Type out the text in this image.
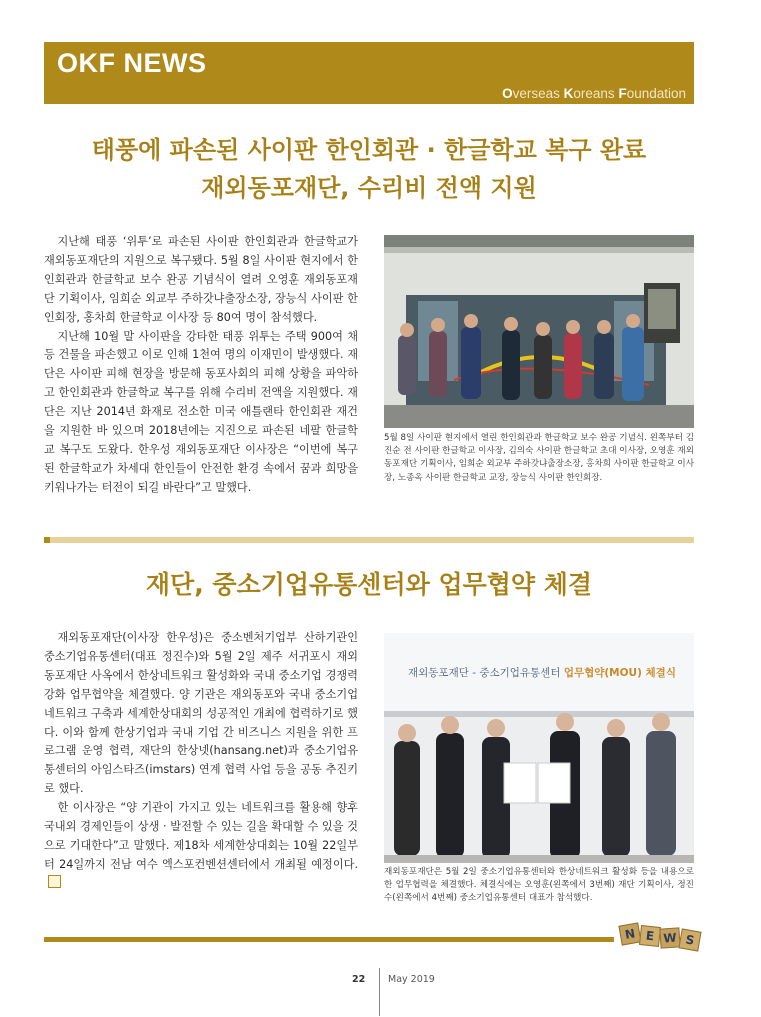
OKF NEWS
Overseas Koreans Foundation
태풍에 파손된 사이판 한인회관 · 한글학교 복구 완료
재외동포재단, 수리비 전액 지원

지난해 태풍 ‘위투’로 파손된 사이판 한인회관과 한글학교가 재외동포재단의 지원으로 복구됐다. 5월 8일 사이판 현지에서 한인회관과 한글학교 보수 완공 기념식이 열려 오영훈 재외동포재단 기획이사, 임희순 외교부 주하갓냐출장소장, 장능식 사이판 한인회장, 홍차희 한글학교 이사장 등 80여 명이 참석했다.

지난해 10월 말 사이판을 강타한 태풍 위투는 주택 900여 채 등 건물을 파손했고 이로 인해 1천여 명의 이재민이 발생했다. 재단은 사이판 피해 현장을 방문해 동포사회의 피해 상황을 파악하고 한인회관과 한글학교 복구를 위해 수리비 전액을 지원했다. 재단은 지난 2014년 화재로 전소한 미국 애틀랜타 한인회관 재건을 지원한 바 있으며 2018년에는 지진으로 파손된 네팔 한글학교 복구도 도왔다. 한우성 재외동포재단 이사장은 “이번에 복구된 한글학교가 차세대 한인들이 안전한 환경 속에서 꿈과 희망을 키워나가는 터전이 되길 바란다”고 말했다.

5월 8일 사이판 현지에서 열린 한인회관과 한글학교 보수 완공 기념식. 왼쪽부터 김진순 전 사이판 한글학교 이사장, 김의숙 사이판 한글학교 초대 이사장, 오영훈 재외동포재단 기획이사, 임희순 외교부 주하갓냐출장소장, 홍차희 사이판 한글학교 이사장, 노종옥 사이판 한글학교 교장, 장능식 사이판 한인회장.
재단, 중소기업유통센터와 업무협약 체결

재외동포재단(이사장 한우성)은 중소벤처기업부 산하기관인 중소기업유통센터(대표 정진수)와 5월 2일 제주 서귀포시 재외동포재단 사옥에서 한상네트워크 활성화와 국내 중소기업 경쟁력 강화 업무협약을 체결했다. 양 기관은 재외동포와 국내 중소기업 네트워크 구축과 세계한상대회의 성공적인 개최에 협력하기로 했다. 이와 함께 한상기업과 국내 기업 간 비즈니스 지원을 위한 프로그램 운영 협력, 재단의 한상넷(hansang.net)과 중소기업유통센터의 아임스타즈(imstars) 연계 협력 사업 등을 공동 추진키로 했다.

한 이사장은 “양 기관이 가지고 있는 네트워크를 활용해 향후 국내외 경제인들이 상생 · 발전할 수 있는 길을 확대할 수 있을 것으로 기대한다”고 말했다. 제18차 세계한상대회는 10월 22일부터 24일까지 전남 여수 엑스포컨벤션센터에서 개최될 예정이다.

재외동포재단 - 중소기업유통센터 업무협약(MOU) 체결식
재외동포재단은 5월 2일 중소기업유통센터와 한상네트워크 활성화 등을 내용으로 한 업무협력을 체결했다. 체결식에는 오영훈(왼쪽에서 3번째) 재단 기획이사, 정진수(왼쪽에서 4번째) 중소기업유통센터 대표가 참석했다.
N E W S
22 May 2019
